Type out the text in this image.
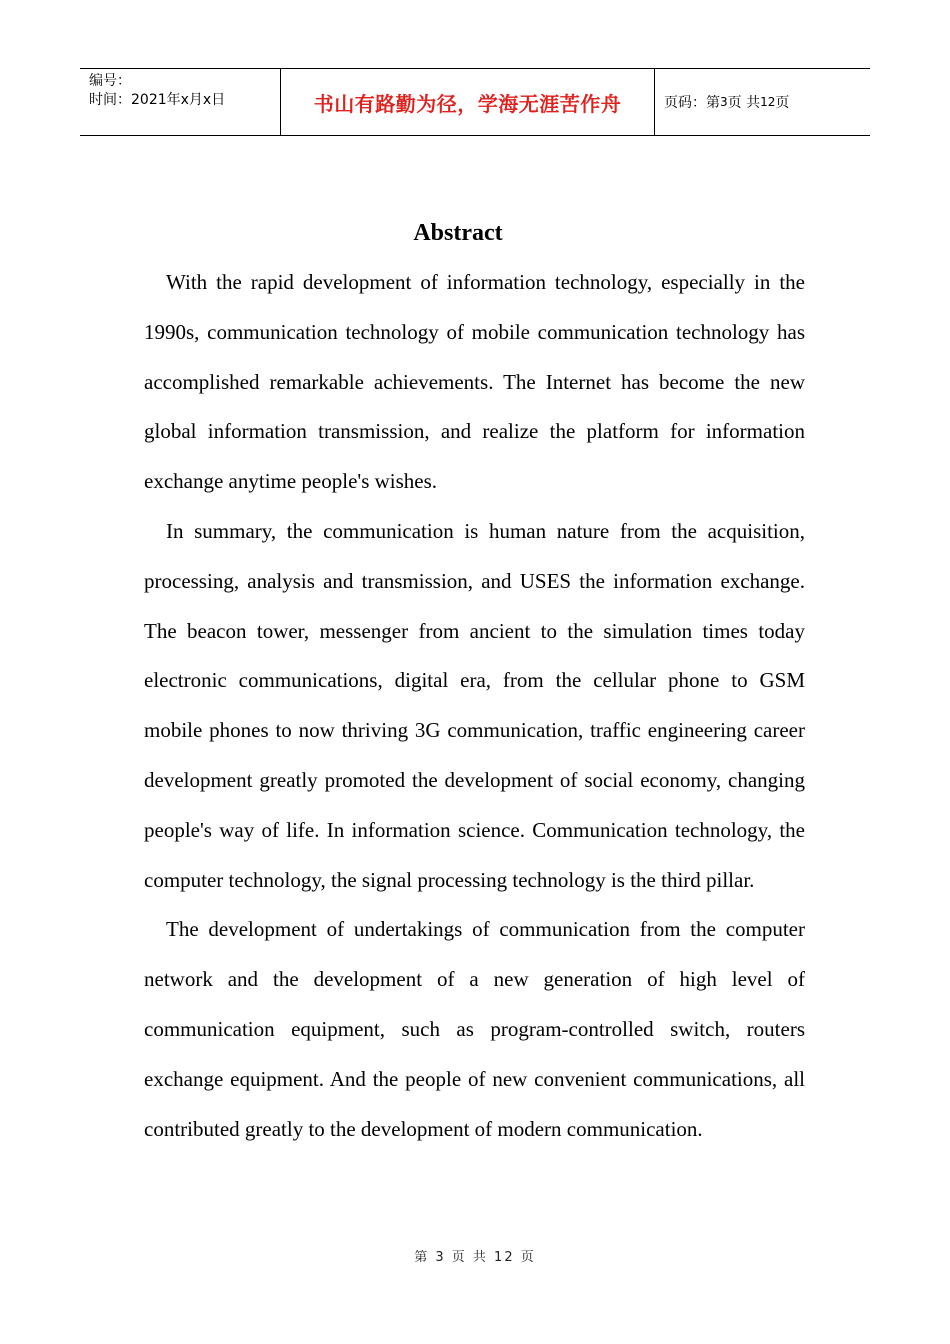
编号：
时间：2021年x月x日	书山有路勤为径，学海无涯苦作舟	页码：第 3 页 共 12 页
Abstract

With the rapid development of information technology, especially in the 1990s, communication technology of mobile communication technology has accomplished remarkable achievements. The Internet has become the new global information transmission, and realize the platform for information exchange anytime people's wishes.

In summary, the communication is human nature from the acquisition, processing, analysis and transmission, and USES the information exchange. The beacon tower, messenger from ancient to the simulation times today electronic communications, digital era, from the cellular phone to GSM mobile phones to now thriving 3G communication, traffic engineering career development greatly promoted the development of social economy, changing people's way of life. In information science. Communication technology, the computer technology, the signal processing technology is the third pillar.

The development of undertakings of communication from the computer network and the development of a new generation of high level of communication equipment, such as program-controlled switch, routers exchange equipment. And the people of new convenient communications, all contributed greatly to the development of modern communication.

第 3 页 共 12 页
